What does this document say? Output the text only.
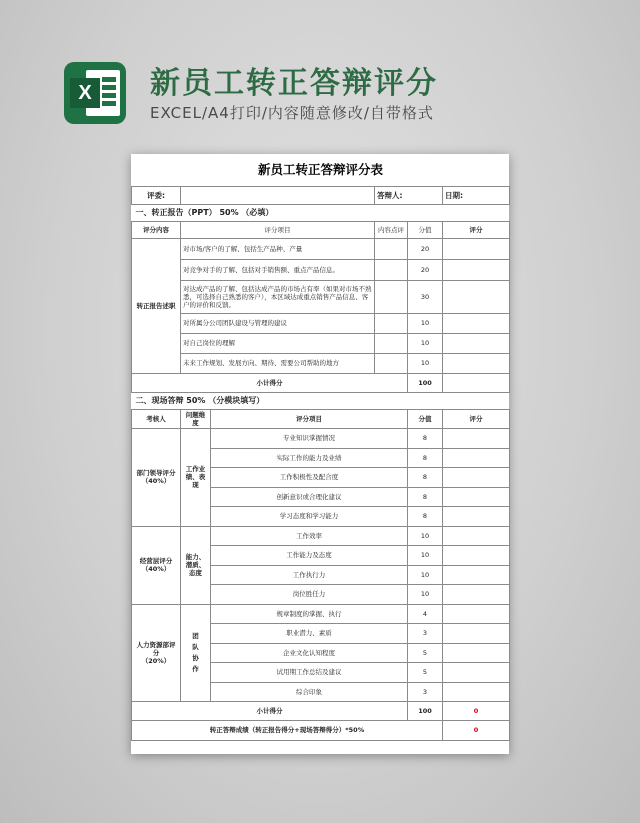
X 新员工转正答辩评分
EXCEL/A4打印/内容随意修改/自带格式
新员工转正答辩评分表					
评委:			答辩人:		日期:
一、转正报告（PPT） 50% （必填）					
评分内容	评分项目		内容点评	分值	评分
转正报告述职	对市场/客户的了解、包括生产品种、产量			20	
	对竞争对手的了解、包括对手销售额、重点产品信息。			20	
	对达成产品的了解、包括达成产品的市场占有率（如果对市场不熟悉，可选择自己熟悉的客户），本区域达成重点销售产品信息、客户的评价和反馈。			30	
	对所属分公司团队建设与管理的建议			10	
	对自己岗位的理解			10	
	未来工作规划、发展方向、期待、需要公司帮助的地方			10	
小计得分				100	
二、现场答辩 50% （分模块填写）					
考核人	问题维度	评分项目		分值	评分
部门领导评分
（40%）	工作业绩、表现	专业知识掌握情况		8	
		实际工作的能力及业绩		8	
		工作积极性及配合度		8	
		创新意识或合理化建议		8	
		学习态度和学习能力		8	
经营层评分
（40%）	能力、潜质、态度	工作效率		10	
		工作能力及态度		10	
		工作执行力		10	
		岗位胜任力		10	
人力资源部评分
（20%）	团队协作	规章制度的掌握、执行		4	
		职业潜力、素质		3	
		企业文化认知程度		5	
		试用期工作总结及建议		5	
		综合印象		3	
小计得分				100	0
转正答辩成绩（转正报告得分+现场答辩得分）*50%					0
